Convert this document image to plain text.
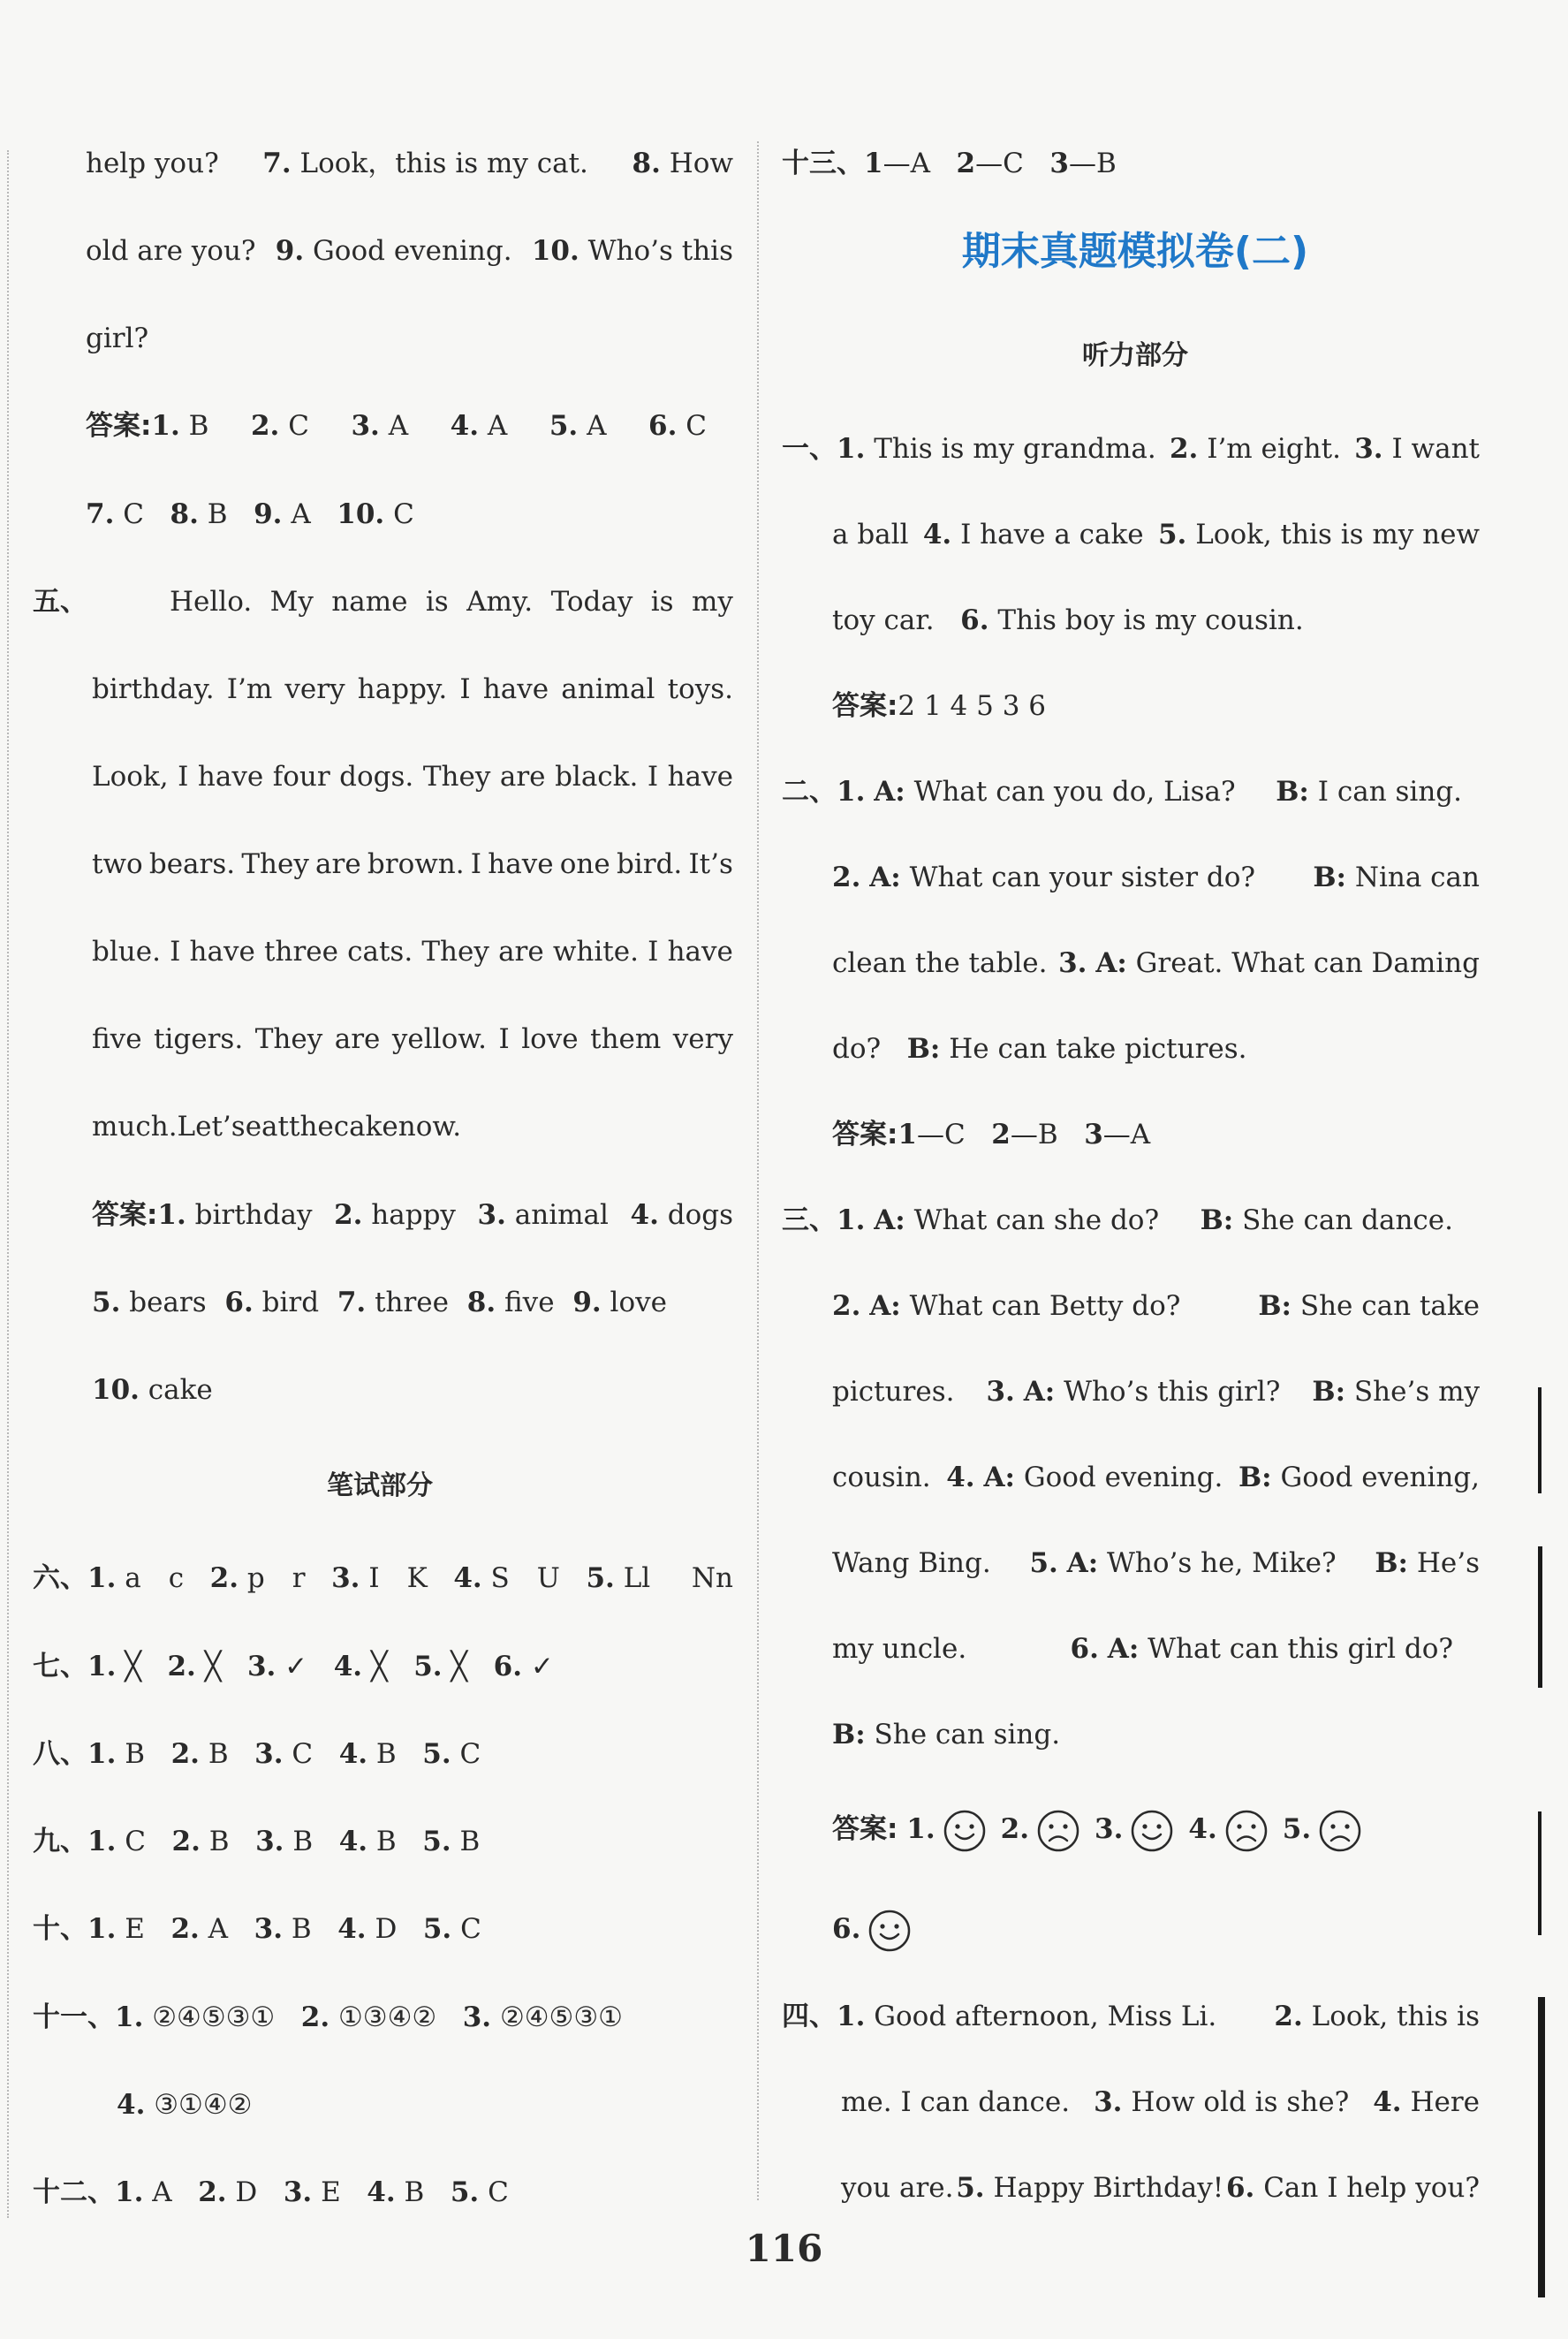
help you? 7. Look，this is my cat. 8. How
old are you? 9. Good evening. 10. Who’s this
girl?
答案:1. B 2. C 3. A 4. A 5. A 6. C
7. C 8. B 9. A 10. C
五、	Hello. My name is Amy. Today is my
birthday. I’m very happy. I have animal toys.
Look, I have four dogs. They are black. I have
two bears. They are brown. I have one bird. It’s
blue. I have three cats. They are white. I have
five tigers. They are yellow. I love them very
much.Let’seatthecakenow.
答案:1. birthday 2. happy 3. animal 4. dogs
5. bears 6. bird 7. three 8. five 9. love
10. cake
笔试部分
六、1. a　c 2. p　r 3. I　K 4. S　U 5. Ll Nn
七、1. ╳ 2. ╳ 3. ✓ 4. ╳ 5. ╳ 6. ✓
八、1. B 2. B 3. C 4. B 5. C
九、1. C 2. B 3. B 4. B 5. B
十、1. E 2. A 3. B 4. D 5. C
十一、1. ②④⑤③① 2. ①③④② 3. ②④⑤③①
4. ③①④②
十二、1. A 2. D 3. E 4. B 5. C
十三、1—A 2—C 3—B
期末真题模拟卷(二)
听力部分
一、1. This is my grandma. 2. I’m eight. 3. I want
a ball 4. I have a cake 5. Look, this is my new
toy car. 6. This boy is my cousin.
答案:2 1 4 5 3 6
二、1. A: What can you do, Lisa? B: I can sing.
2. A: What can your sister do? B: Nina can
clean the table. 3. A: Great. What can Daming
do? B: He can take pictures.
答案:1—C 2—B 3—A
三、1. A: What can she do? B: She can dance.
2. A: What can Betty do?	B: She can take
pictures. 3. A: Who’s this girl? B: She’s my
cousin. 4. A: Good evening. B: Good evening,
Wang Bing. 5. A: Who’s he, Mike? B: He’s
my uncle.	6. A: What can this girl do?
B: She can sing.
答案: 1. 2. 3. 4. 5.
6.
四、1. Good afternoon, Miss Li. 2. Look, this is
me. I can dance. 3. How old is she? 4. Here
you are. 5. Happy Birthday! 6. Can I help you?
116
